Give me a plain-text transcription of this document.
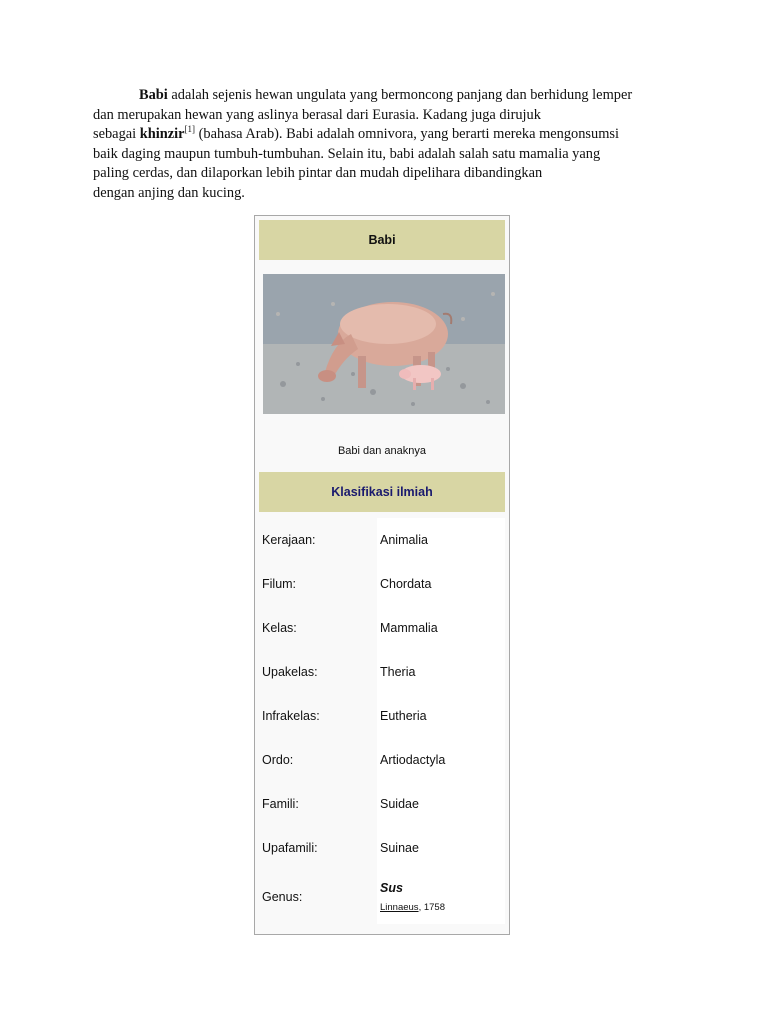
Babi adalah sejenis hewan ungulata yang bermoncong panjang dan berhidung lemper

dan merupakan hewan yang aslinya berasal dari Eurasia. Kadang juga dirujuk

sebagai khinzir[1] (bahasa Arab). Babi adalah omnivora, yang berarti mereka mengonsumsi

baik daging maupun tumbuh-tumbuhan. Selain itu, babi adalah salah satu mamalia yang

paling cerdas, dan dilaporkan lebih pintar dan mudah dipelihara dibandingkan

dengan anjing dan kucing.

Babi
Babi dan anaknya
Klasifikasi ilmiah
Kerajaan:	Animalia
Filum:	Chordata
Kelas:	Mammalia
Upakelas:	Theria
Infrakelas:	Eutheria
Ordo:	Artiodactyla
Famili:	Suidae
Upafamili:	Suinae
Genus:
Sus
Linnaeus, 1758
